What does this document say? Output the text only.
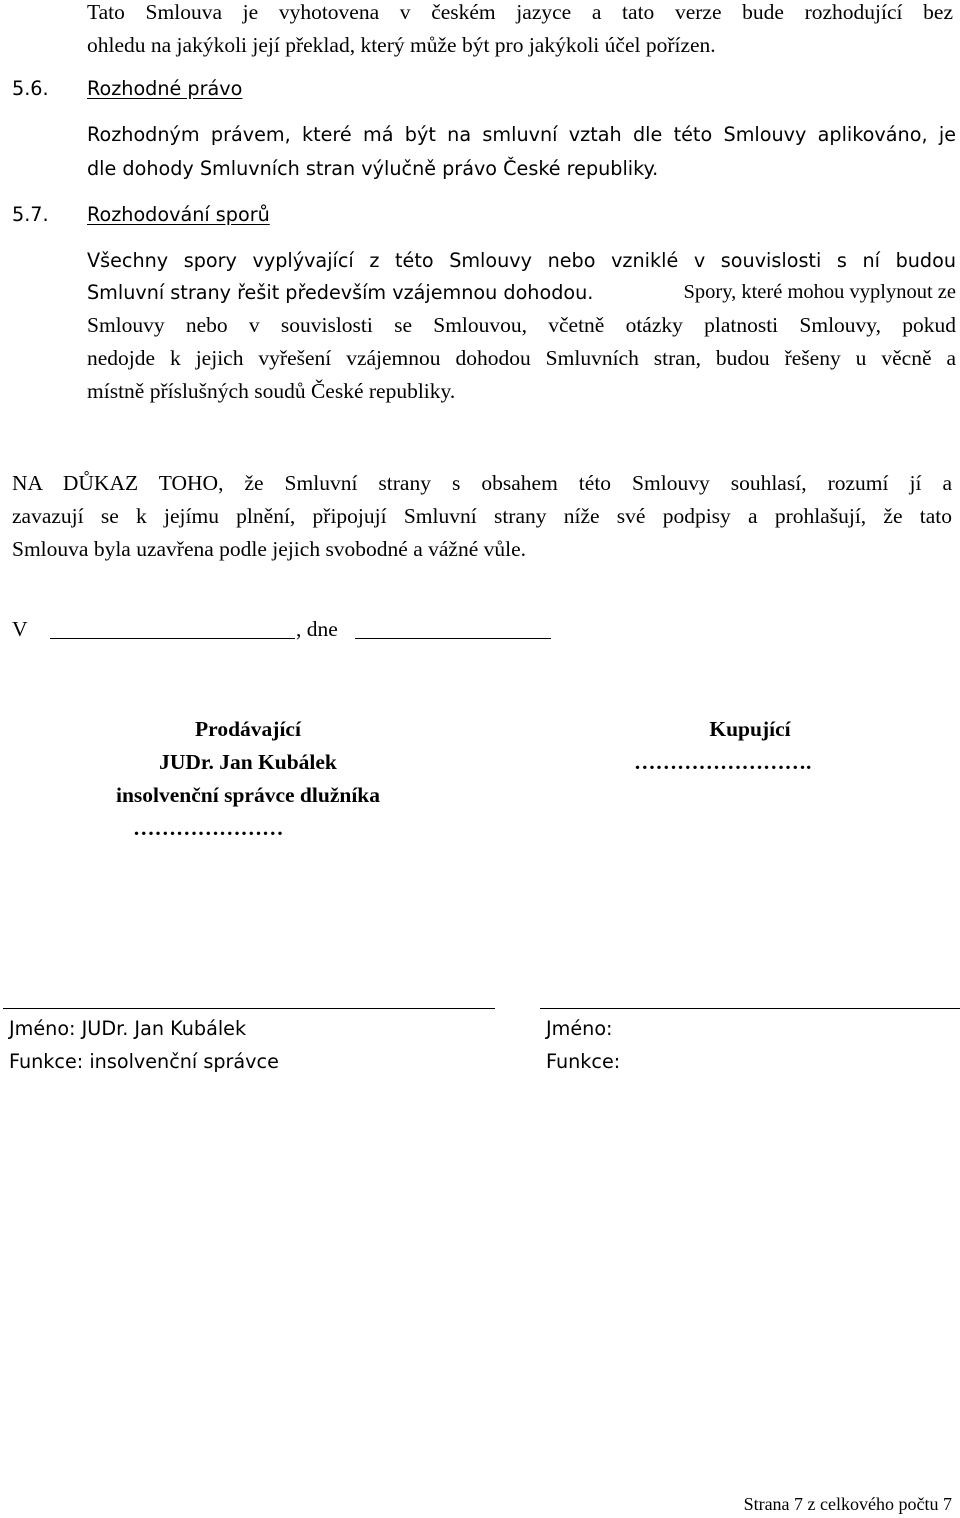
Tato Smlouva je vyhotovena v českém jazyce a tato verze bude rozhodující bez
ohledu na jakýkoli její překlad, který může být pro jakýkoli účel pořízen.
5.6. Rozhodné právo
Rozhodným právem, které má být na smluvní vztah dle této Smlouvy aplikováno, je
dle dohody Smluvních stran výlučně právo České republiky.
5.7. Rozhodování sporů
Všechny spory vyplývající z této Smlouvy nebo vzniklé v souvislosti s ní budou
Smluvní strany řešit především vzájemnou dohodou.	Spory, které mohou vyplynout ze
Smlouvy nebo v souvislosti se Smlouvou, včetně otázky platnosti Smlouvy, pokud
nedojde k jejich vyřešení vzájemnou dohodou Smluvních stran, budou řešeny u věcně a
místně příslušných soudů České republiky.
NA DŮKAZ TOHO, že Smluvní strany s obsahem této Smlouvy souhlasí, rozumí jí a
zavazují se k jejímu plnění, připojují Smluvní strany níže své podpisy a prohlašují, že tato
Smlouva byla uzavřena podle jejich svobodné a vážné vůle.
V	, dne
Prodávající
JUDr. Jan Kubálek
insolvenční správce dlužníka
…………………
Kupující
…………………….
Jméno: JUDr. Jan Kubálek
Funkce: insolvenční správce
Jméno:
Funkce:
Strana 7 z celkového počtu 7
